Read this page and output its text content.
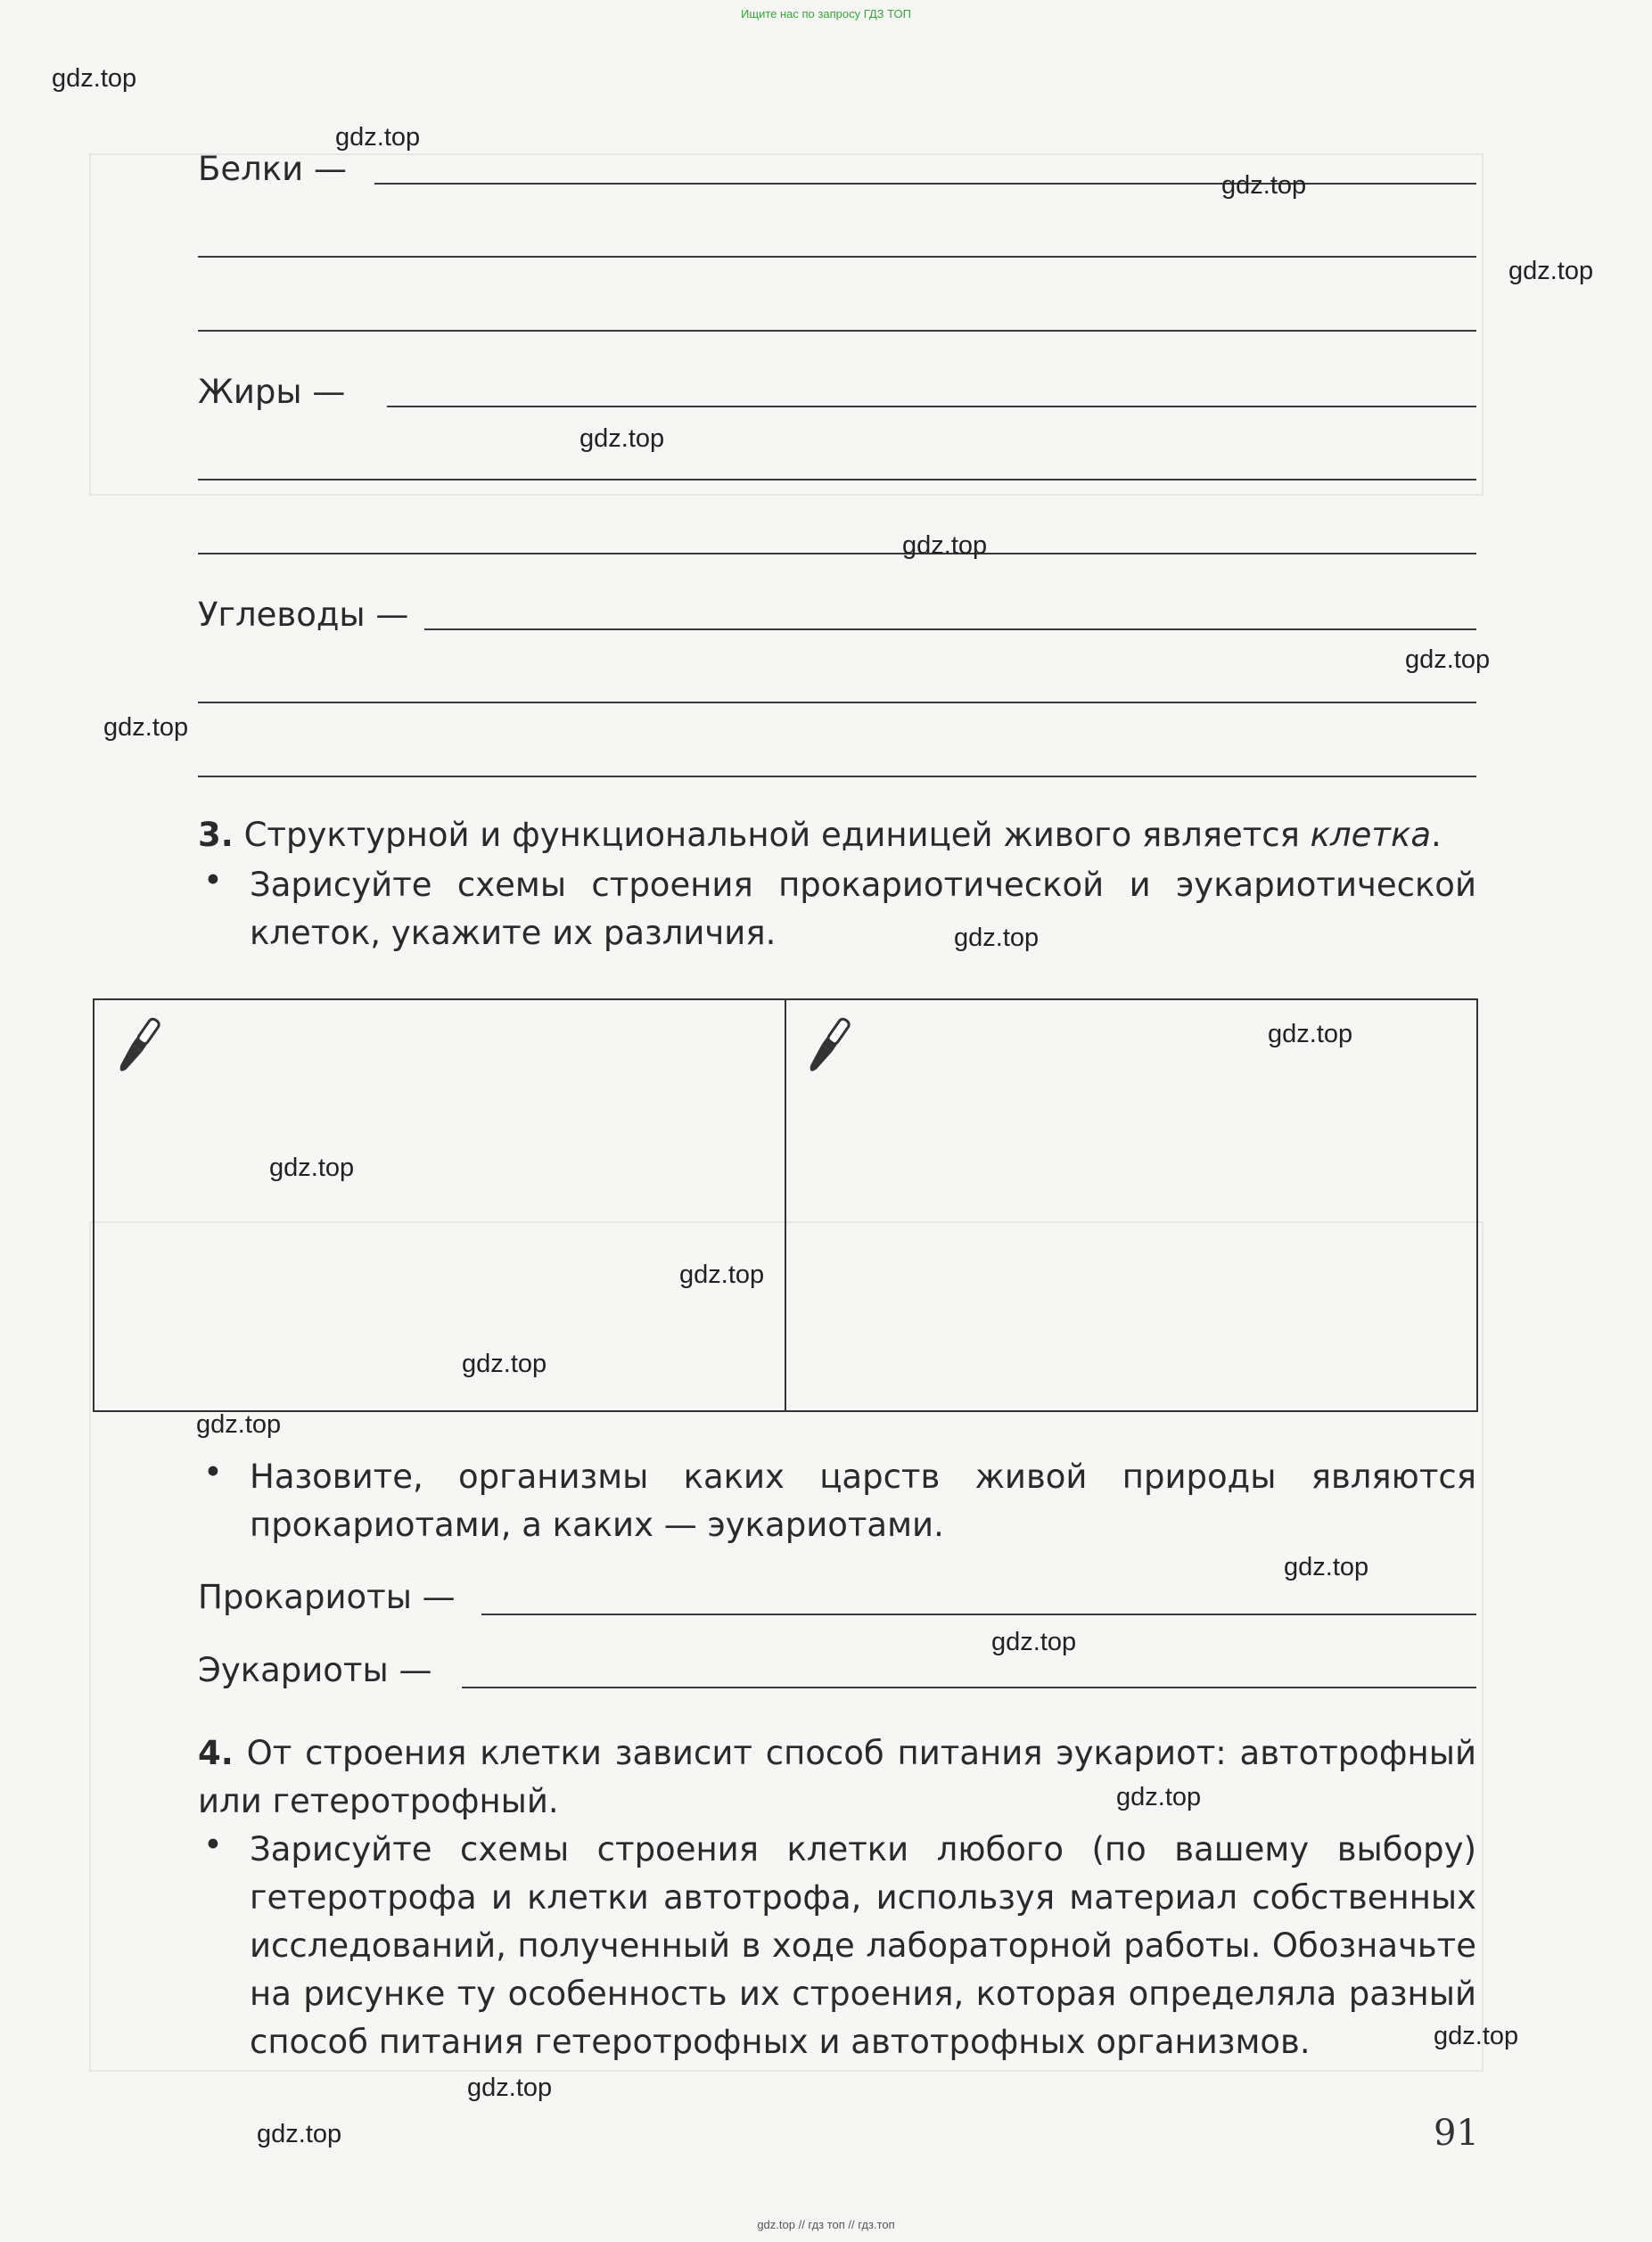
Ищите нас по запросу ГДЗ ТОП
gdz.top // гдз топ // гдз.топ
Белки —
Жиры —
Углеводы —
3. Структурной и функциональной единицей живого является клетка.
• Зарисуйте схемы строения прокариотической и эукариотической клеток, укажите их различия.
• Назовите, организмы каких царств живой природы являются прокариотами, а каких — эукариотами.
Прокариоты —
Эукариоты —
4. От строения клетки зависит способ питания эукариот: автотрофный или гетеротрофный.
• Зарисуйте схемы строения клетки любого (по вашему выбору) гетеротрофа и клетки автотрофа, используя материал собственных исследований, полученный в ходе лабораторной работы. Обозначьте на рисунке ту особенность их строения, которая определяла разный способ питания гетеротрофных и автотрофных организмов.
91
gdz.top
gdz.top
gdz.top
gdz.top
gdz.top
gdz.top
gdz.top
gdz.top
gdz.top
gdz.top
gdz.top
gdz.top
gdz.top
gdz.top
gdz.top
gdz.top
gdz.top
gdz.top
gdz.top
gdz.top
